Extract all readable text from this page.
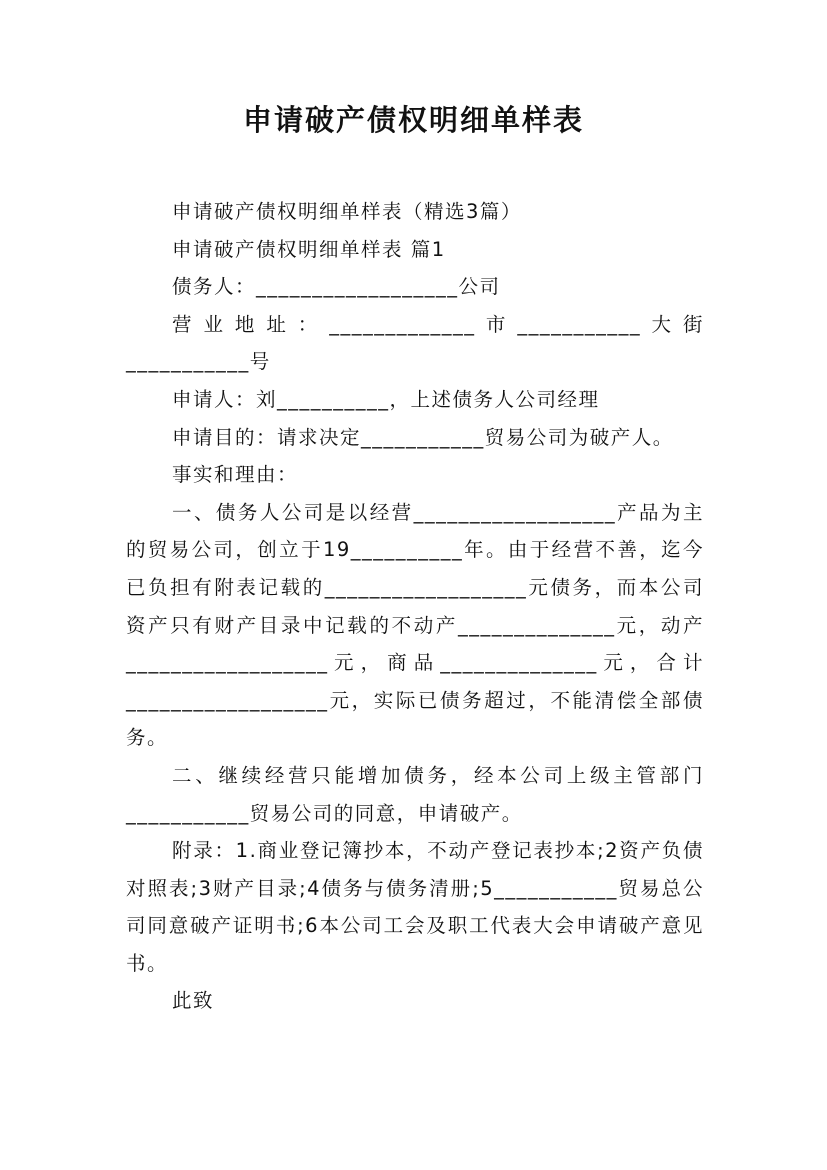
申请破产债权明细单样表

申请破产债权明细单样表（精选3篇）

申请破产债权明细单样表 篇1

债务人：__________________公司

营业地址：_____________市___________大街___________号

申请人：刘__________，上述债务人公司经理

申请目的：请求决定___________贸易公司为破产人。

事实和理由：

一、债务人公司是以经营__________________产品为主的贸易公司，创立于19__________年。由于经营不善，迄今已负担有附表记载的__________________元债务，而本公司资产只有财产目录中记载的不动产______________元，动产__________________元，商品______________元，合计__________________元，实际已债务超过，不能清偿全部债务。

二、继续经营只能增加债务，经本公司上级主管部门___________贸易公司的同意，申请破产。

附录：1.商业登记簿抄本，不动产登记表抄本;2资产负债对照表;3财产目录;4债务与债务清册;5___________贸易总公司同意破产证明书;6本公司工会及职工代表大会申请破产意见书。

此致
